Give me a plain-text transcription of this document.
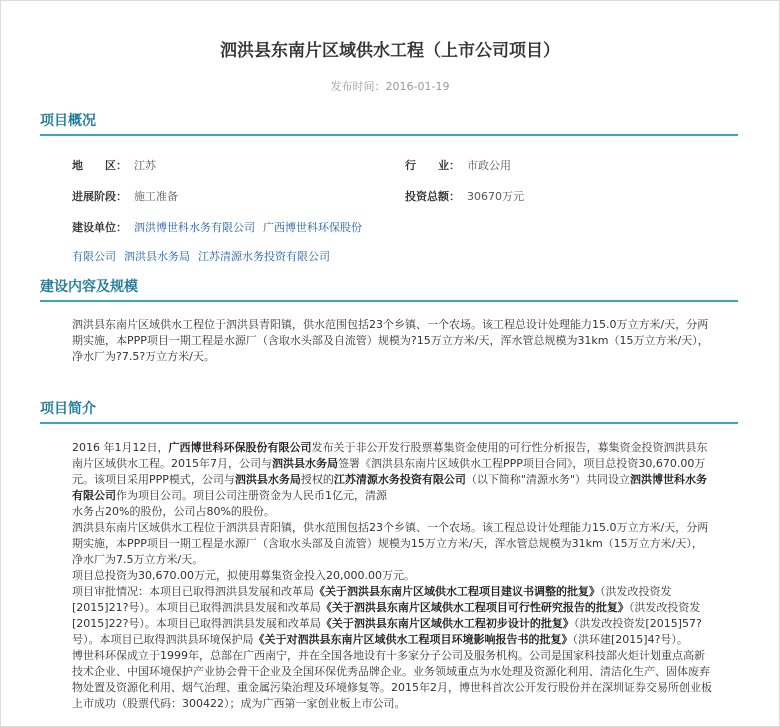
泗洪县东南片区域供水工程（上市公司项目）
发布时间：2016-01-19
项目概况
地　　区： 江苏	行　　业： 市政公用
进展阶段： 施工准备	投资总额： 30670万元
建设单位： 泗洪博世科水务有限公司 广西博世科环保股份
有限公司 泗洪县水务局 江苏清源水务投资有限公司
建设内容及规模

泗洪县东南片区域供水工程位于泗洪县青阳镇，供水范围包括23个乡镇、一个农场。该工程总设计处理能力15.0万立方米/天，分两期实施，本PPP项目一期工程是水源厂（含取水头部及自流管）规模为?15万立方米/天，浑水管总规模为31km（15万立方米/天），净水厂为?7.5?万立方米/天。

项目简介

2016 年1月12日，广西博世科环保股份有限公司发布关于非公开发行股票募集资金使用的可行性分析报告，募集资金投资泗洪县东南片区域供水工程。2015年7月，公司与泗洪县水务局签署《泗洪县东南片区域供水工程PPP项目合同》，项目总投资30,670.00万元。该项目采用PPP模式，公司与泗洪县水务局授权的江苏清源水务投资有限公司（以下简称"清源水务"）共同设立泗洪博世科水务有限公司作为项目公司。项目公司注册资金为人民币1亿元，清源

水务占20%的股份，公司占80%的股份。

泗洪县东南片区域供水工程位于泗洪县青阳镇，供水范围包括23个乡镇、一个农场。该工程总设计处理能力15.0万立方米/天，分两期实施，本PPP项目一期工程是水源厂（含取水头部及自流管）规模为15万立方米/天，浑水管总规模为31km（15万立方米/天），净水厂为7.5万立方米/天。

项目总投资为30,670.00万元，拟使用募集资金投入20,000.00万元。

项目审批情况：本项目已取得泗洪县发展和改革局《关于泗洪县东南片区域供水工程项目建议书调整的批复》（洪发改投资发[2015]21?号）。本项目已取得泗洪县发展和改革局《关于泗洪县东南片区域供水工程项目可行性研究报告的批复》（洪发改投资发[2015]22?号）。本项目已取得泗洪县发展和改革局《关于泗洪县东南片区域供水工程初步设计的批复》（洪发改投资发[2015]57?号）。本项目已取得泗洪县环境保护局《关于对泗洪县东南片区域供水工程项目环境影响报告书的批复》（洪环建[2015]4?号）。

博世科环保成立于1999年，总部在广西南宁，并在全国各地设有十多家分子公司及服务机构。公司是国家科技部火炬计划重点高新技术企业、中国环境保护产业协会骨干企业及全国环保优秀品牌企业。业务领域重点为水处理及资源化利用、清洁化生产、固体废弃物处置及资源化利用、烟气治理、重金属污染治理及环境修复等。2015年2月，博世科首次公开发行股份并在深圳证券交易所创业板上市成功（股票代码：300422）；成为广西第一家创业板上市公司。
